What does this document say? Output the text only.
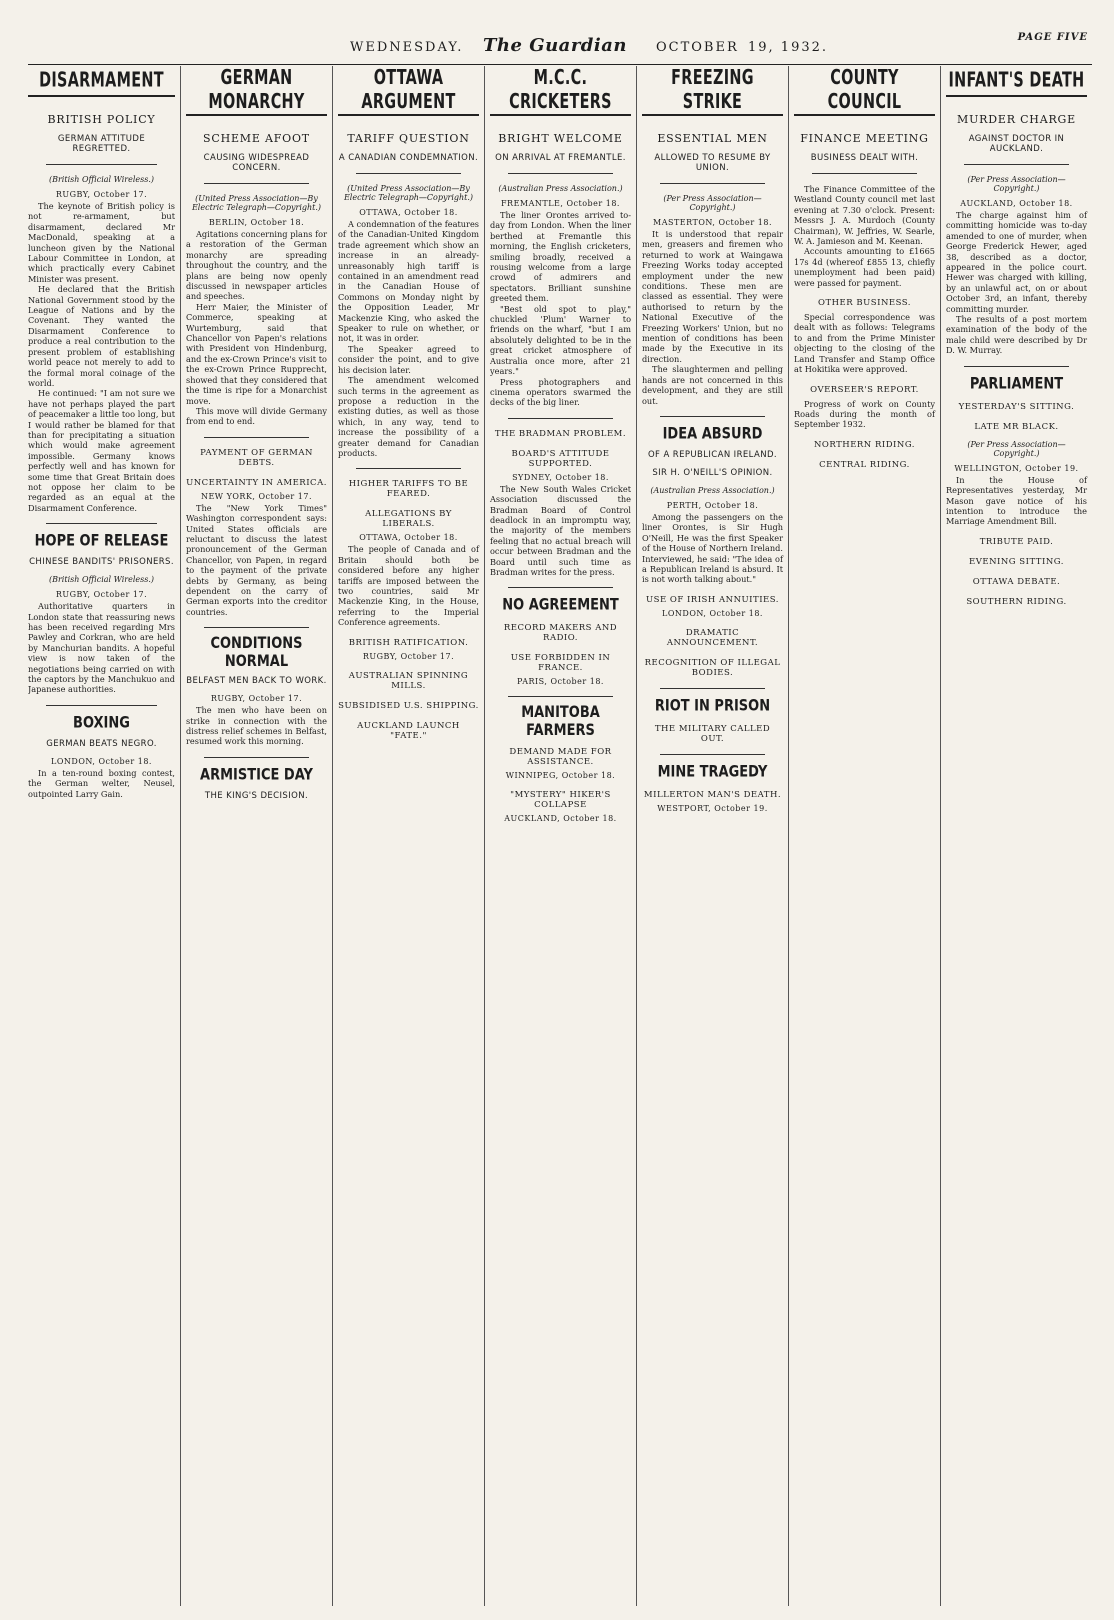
WEDNESDAY. The Guardian OCTOBER 19, 1932.
PAGE FIVE
DISARMAMENT
BRITISH POLICY
GERMAN ATTITUDE REGRETTED.
(British Official Wireless.)
RUGBY, October 17.

The keynote of British policy is not re-armament, but disarmament, declared Mr MacDonald, speaking at a luncheon given by the National Labour Committee in London, at which practically every Cabinet Minister was present.

He declared that the British National Government stood by the League of Nations and by the Covenant. They wanted the Disarmament Conference to produce a real contribution to the present problem of establishing world peace not merely to add to the formal moral coinage of the world.

He continued: "I am not sure we have not perhaps played the part of peacemaker a little too long, but I would rather be blamed for that than for precipitating a situation which would make agreement impossible. Germany knows perfectly well and has known for some time that Great Britain does not oppose her claim to be regarded as an equal at the Disarmament Conference.

HOPE OF RELEASE
CHINESE BANDITS' PRISONERS.
(British Official Wireless.)
RUGBY, October 17.

Authoritative quarters in London state that reassuring news has been received regarding Mrs Pawley and Corkran, who are held by Manchurian bandits. A hopeful view is now taken of the negotiations being carried on with the captors by the Manchukuo and Japanese authorities.

BOXING
GERMAN BEATS NEGRO.
LONDON, October 18.

In a ten-round boxing contest, the German welter, Neusel, outpointed Larry Gain.

GERMAN MONARCHY
SCHEME AFOOT
CAUSING WIDESPREAD CONCERN.
(United Press Association—By Electric Telegraph—Copyright.)
BERLIN, October 18.

Agitations concerning plans for a restoration of the German monarchy are spreading throughout the country, and the plans are being now openly discussed in newspaper articles and speeches.

Herr Maier, the Minister of Commerce, speaking at Wurtemburg, said that Chancellor von Papen's relations with President von Hindenburg, and the ex-Crown Prince's visit to the ex-Crown Prince Rupprecht, showed that they considered that the time is ripe for a Monarchist move.

This move will divide Germany from end to end.

PAYMENT OF GERMAN DEBTS.
UNCERTAINTY IN AMERICA.
NEW YORK, October 17.

The "New York Times" Washington correspondent says: United States officials are reluctant to discuss the latest pronouncement of the German Chancellor, von Papen, in regard to the payment of the private debts by Germany, as being dependent on the carry of German exports into the creditor countries.

CONDITIONS NORMAL
BELFAST MEN BACK TO WORK.
RUGBY, October 17.

The men who have been on strike in connection with the distress relief schemes in Belfast, resumed work this morning.

ARMISTICE DAY
THE KING'S DECISION.
OTTAWA ARGUMENT
TARIFF QUESTION
A CANADIAN CONDEMNATION.
(United Press Association—By Electric Telegraph—Copyright.)
OTTAWA, October 18.

A condemnation of the features of the Canadian-United Kingdom trade agreement which show an increase in an already-unreasonably high tariff is contained in an amendment read in the Canadian House of Commons on Monday night by the Opposition Leader, Mr Mackenzie King, who asked the Speaker to rule on whether, or not, it was in order.

The Speaker agreed to consider the point, and to give his decision later.

The amendment welcomed such terms in the agreement as propose a reduction in the existing duties, as well as those which, in any way, tend to increase the possibility of a greater demand for Canadian products.

HIGHER TARIFFS TO BE FEARED.
ALLEGATIONS BY LIBERALS.
OTTAWA, October 18.

The people of Canada and of Britain should both be considered before any higher tariffs are imposed between the two countries, said Mr Mackenzie King, in the House, referring to the Imperial Conference agreements.

BRITISH RATIFICATION.
RUGBY, October 17.
AUSTRALIAN SPINNING MILLS.
SUBSIDISED U.S. SHIPPING.
AUCKLAND LAUNCH "FATE."
M.C.C. CRICKETERS
BRIGHT WELCOME
ON ARRIVAL AT FREMANTLE.
(Australian Press Association.)
FREMANTLE, October 18.

The liner Orontes arrived to-day from London. When the liner berthed at Fremantle this morning, the English cricketers, smiling broadly, received a rousing welcome from a large crowd of admirers and spectators. Brilliant sunshine greeted them.

"Best old spot to play," chuckled 'Plum' Warner to friends on the wharf, "but I am absolutely delighted to be in the great cricket atmosphere of Australia once more, after 21 years."

Press photographers and cinema operators swarmed the decks of the big liner.

THE BRADMAN PROBLEM.
BOARD'S ATTITUDE SUPPORTED.
SYDNEY, October 18.

The New South Wales Cricket Association discussed the Bradman Board of Control deadlock in an impromptu way, the majority of the members feeling that no actual breach will occur between Bradman and the Board until such time as Bradman writes for the press.

NO AGREEMENT
RECORD MAKERS AND RADIO.
USE FORBIDDEN IN FRANCE.
PARIS, October 18.
MANITOBA FARMERS
DEMAND MADE FOR ASSISTANCE.
WINNIPEG, October 18.
"MYSTERY" HIKER'S COLLAPSE
AUCKLAND, October 18.
FREEZING STRIKE
ESSENTIAL MEN
ALLOWED TO RESUME BY UNION.
(Per Press Association—Copyright.)
MASTERTON, October 18.

It is understood that repair men, greasers and firemen who returned to work at Waingawa Freezing Works today accepted employment under the new conditions. These men are classed as essential. They were authorised to return by the National Executive of the Freezing Workers' Union, but no mention of conditions has been made by the Executive in its direction.

The slaughtermen and pelling hands are not concerned in this development, and they are still out.

IDEA ABSURD
OF A REPUBLICAN IRELAND.
SIR H. O'NEILL'S OPINION.
(Australian Press Association.)
PERTH, October 18.

Among the passengers on the liner Orontes, is Sir Hugh O'Neill, He was the first Speaker of the House of Northern Ireland. Interviewed, he said: "The idea of a Republican Ireland is absurd. It is not worth talking about."

USE OF IRISH ANNUITIES.
LONDON, October 18.
DRAMATIC ANNOUNCEMENT.
RECOGNITION OF ILLEGAL BODIES.
RIOT IN PRISON
THE MILITARY CALLED OUT.
MINE TRAGEDY
MILLERTON MAN'S DEATH.
WESTPORT, October 19.
COUNTY COUNCIL
FINANCE MEETING
BUSINESS DEALT WITH.

The Finance Committee of the Westland County council met last evening at 7.30 o'clock. Present: Messrs J. A. Murdoch (County Chairman), W. Jeffries, W. Searle, W. A. Jamieson and M. Keenan.

Accounts amounting to £1665 17s 4d (whereof £855 13, chiefly unemployment had been paid) were passed for payment.

OTHER BUSINESS.

Special correspondence was dealt with as follows: Telegrams to and from the Prime Minister objecting to the closing of the Land Transfer and Stamp Office at Hokitika were approved.

OVERSEER'S REPORT.

Progress of work on County Roads during the month of September 1932.

NORTHERN RIDING.
CENTRAL RIDING.
INFANT'S DEATH
MURDER CHARGE
AGAINST DOCTOR IN AUCKLAND.
(Per Press Association—Copyright.)
AUCKLAND, October 18.

The charge against him of committing homicide was to-day amended to one of murder, when George Frederick Hewer, aged 38, described as a doctor, appeared in the police court. Hewer was charged with killing, by an unlawful act, on or about October 3rd, an infant, thereby committing murder.

The results of a post mortem examination of the body of the male child were described by Dr D. W. Murray.

PARLIAMENT
YESTERDAY'S SITTING.
LATE MR BLACK.
(Per Press Association—Copyright.)
WELLINGTON, October 19.

In the House of Representatives yesterday, Mr Mason gave notice of his intention to introduce the Marriage Amendment Bill.

TRIBUTE PAID.
EVENING SITTING.
OTTAWA DEBATE.
SOUTHERN RIDING.
